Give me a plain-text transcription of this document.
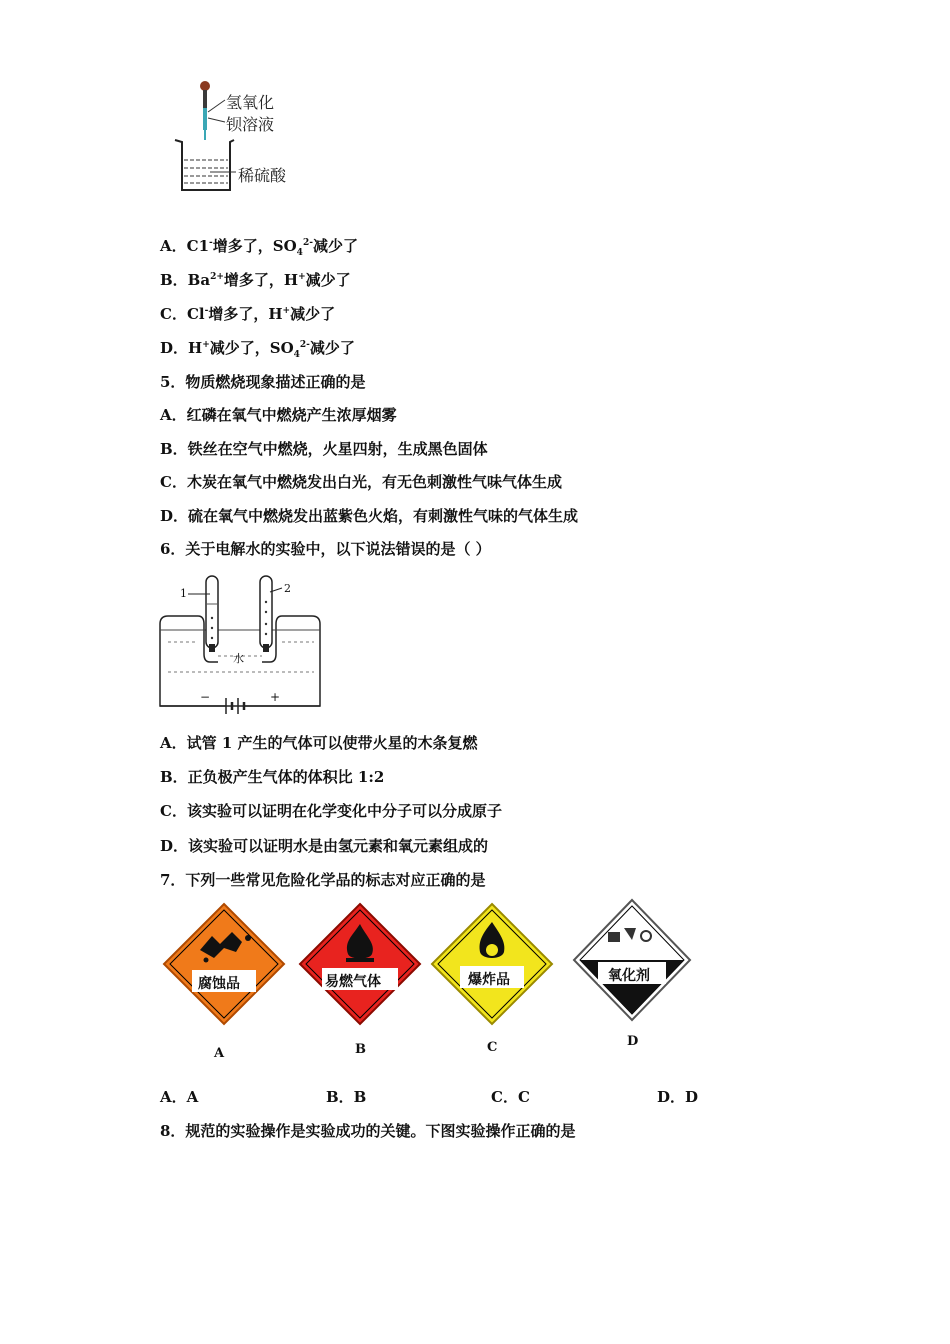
氢氧化
钡溶液
稀硫酸
A．C1-增多了，$SO_4^{2-}$减少了
B．$Ba^{2+}$增多了，H+减少了
C．Cl-增多了，H+减少了
D．H+减少了，$SO_4^{2-}$减少了
5．物质燃烧现象描述正确的是
A．红磷在氧气中燃烧产生浓厚烟雾
B．铁丝在空气中燃烧，火星四射，生成黑色固体
C．木炭在氧气中燃烧发出白光，有无色刺激性气味气体生成
D．硫在氧气中燃烧发出蓝紫色火焰，有刺激性气味的气体生成
6．关于电解水的实验中，以下说法错误的是（ ）
1	2
水
−	+
A．试管 1 产生的气体可以使带火星的木条复燃
B．正负极产生气体的体积比 1:2
C．该实验可以证明在化学变化中分子可以分成原子
D．该实验可以证明水是由氢元素和氧元素组成的
7．下列一些常见危险化学品的标志对应正确的是
腐蚀品
A
易燃气体
B
爆炸品
C
氧化剂
D
A．A	B．B	C．C	D．D
8．规范的实验操作是实验成功的关键。下图实验操作正确的是
